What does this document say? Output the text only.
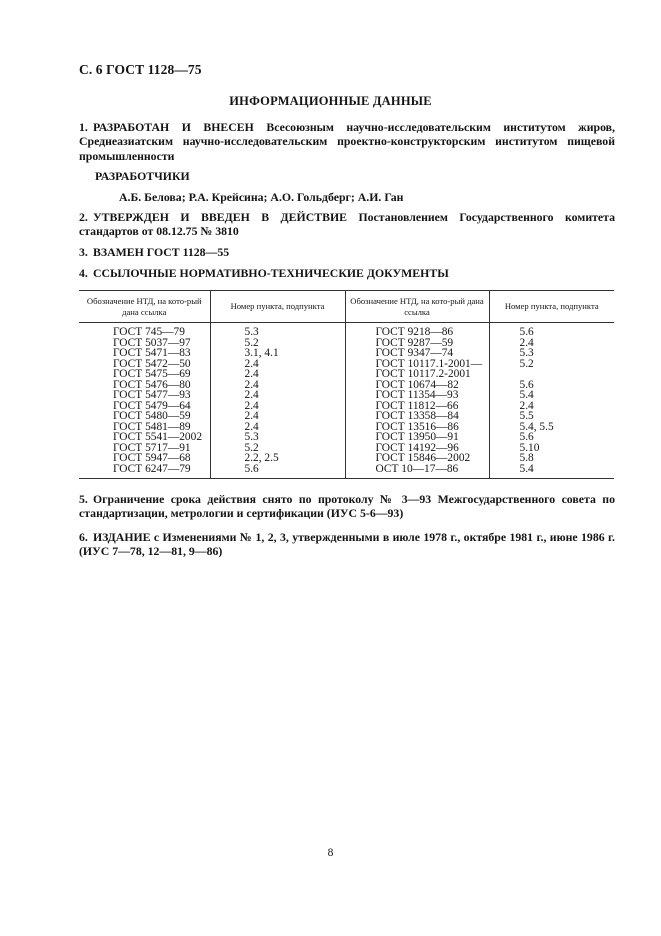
С. 6 ГОСТ 1128—75
ИНФОРМАЦИОННЫЕ ДАННЫЕ
1. РАЗРАБОТАН И ВНЕСЕН Всесоюзным научно-исследовательским институтом жиров, Среднеазиатским научно-исследовательским проектно-конструкторским институтом пищевой промышленности
РАЗРАБОТЧИКИ
А.Б. Белова; Р.А. Крейсина; А.О. Гольдберг; А.И. Ган
2. УТВЕРЖДЕН И ВВЕДЕН В ДЕЙСТВИЕ Постановлением Государственного комитета стандартов от 08.12.75 № 3810
3. ВЗАМЕН ГОСТ 1128—55
4. ССЫЛОЧНЫЕ НОРМАТИВНО-ТЕХНИЧЕСКИЕ ДОКУМЕНТЫ
Обозначение НТД, на кото-рый дана ссылка	Номер пункта, подпункта	Обозначение НТД, на кото-рый дана ссылка	Номер пункта, подпункта
ГОСТ 745—79	5.3	ГОСТ 9218—86	5.6
ГОСТ 5037—97	5.2	ГОСТ 9287—59	2.4
ГОСТ 5471—83	3.1, 4.1	ГОСТ 9347—74	5.3
ГОСТ 5472—50	2.4	ГОСТ 10117.1-2001—	5.2
ГОСТ 5475—69	2.4	ГОСТ 10117.2-2001	
ГОСТ 5476—80	2.4	ГОСТ 10674—82	5.6
ГОСТ 5477—93	2.4	ГОСТ 11354—93	5.4
ГОСТ 5479—64	2.4	ГОСТ 11812—66	2.4
ГОСТ 5480—59	2.4	ГОСТ 13358—84	5.5
ГОСТ 5481—89	2.4	ГОСТ 13516—86	5.4, 5.5
ГОСТ 5541—2002	5.3	ГОСТ 13950—91	5.6
ГОСТ 5717—91	5.2	ГОСТ 14192—96	5.10
ГОСТ 5947—68	2.2, 2.5	ГОСТ 15846—2002	5.8
ГОСТ 6247—79	5.6	ОСТ 10—17—86	5.4
5. Ограничение срока действия снято по протоколу № 3—93 Межгосударственного совета по стандартизации, метрологии и сертификации (ИУС 5-6—93)
6. ИЗДАНИЕ с Изменениями № 1, 2, 3, утвержденными в июле 1978 г., октябре 1981 г., июне 1986 г. (ИУС 7—78, 12—81, 9—86)
8
